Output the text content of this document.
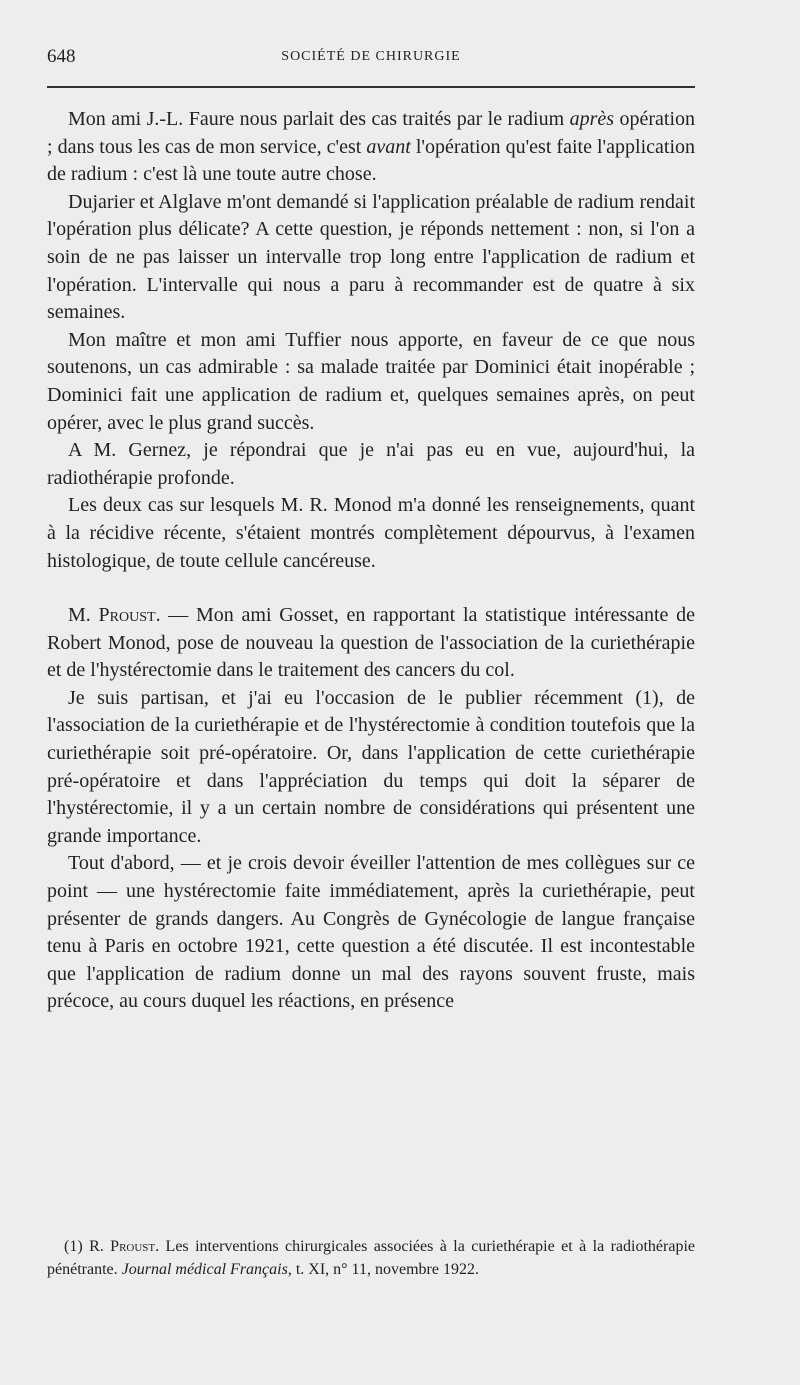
648	SOCIÉTÉ DE CHIRURGIE

Mon ami J.-L. Faure nous parlait des cas traités par le radium après opération ; dans tous les cas de mon service, c'est avant l'opération qu'est faite l'application de radium : c'est là une toute autre chose.

Dujarier et Alglave m'ont demandé si l'application préalable de radium rendait l'opération plus délicate? A cette question, je réponds nettement : non, si l'on a soin de ne pas laisser un intervalle trop long entre l'application de radium et l'opération. L'intervalle qui nous a paru à recommander est de quatre à six semaines.

Mon maître et mon ami Tuffier nous apporte, en faveur de ce que nous soutenons, un cas admirable : sa malade traitée par Dominici était inopérable ; Dominici fait une application de radium et, quelques semaines après, on peut opérer, avec le plus grand succès.

A M. Gernez, je répondrai que je n'ai pas eu en vue, aujourd'hui, la radiothérapie profonde.

Les deux cas sur lesquels M. R. Monod m'a donné les renseignements, quant à la récidive récente, s'étaient montrés complètement dépourvus, à l'examen histologique, de toute cellule cancéreuse.

M. Proust. — Mon ami Gosset, en rapportant la statistique intéressante de Robert Monod, pose de nouveau la question de l'association de la curiethérapie et de l'hystérectomie dans le traitement des cancers du col.

Je suis partisan, et j'ai eu l'occasion de le publier récemment (1), de l'association de la curiethérapie et de l'hystérectomie à condition toutefois que la curiethérapie soit pré-opératoire. Or, dans l'application de cette curiethérapie pré-opératoire et dans l'appréciation du temps qui doit la séparer de l'hystérectomie, il y a un certain nombre de considérations qui présentent une grande importance.

Tout d'abord, — et je crois devoir éveiller l'attention de mes collègues sur ce point — une hystérectomie faite immédiatement, après la curiethérapie, peut présenter de grands dangers. Au Congrès de Gynécologie de langue française tenu à Paris en octobre 1921, cette question a été discutée. Il est incontestable que l'application de radium donne un mal des rayons souvent fruste, mais précoce, au cours duquel les réactions, en présence

(1) R. Proust. Les interventions chirurgicales associées à la curiethérapie et à la radiothérapie pénétrante. Journal médical Français, t. XI, n° 11, novembre 1922.
